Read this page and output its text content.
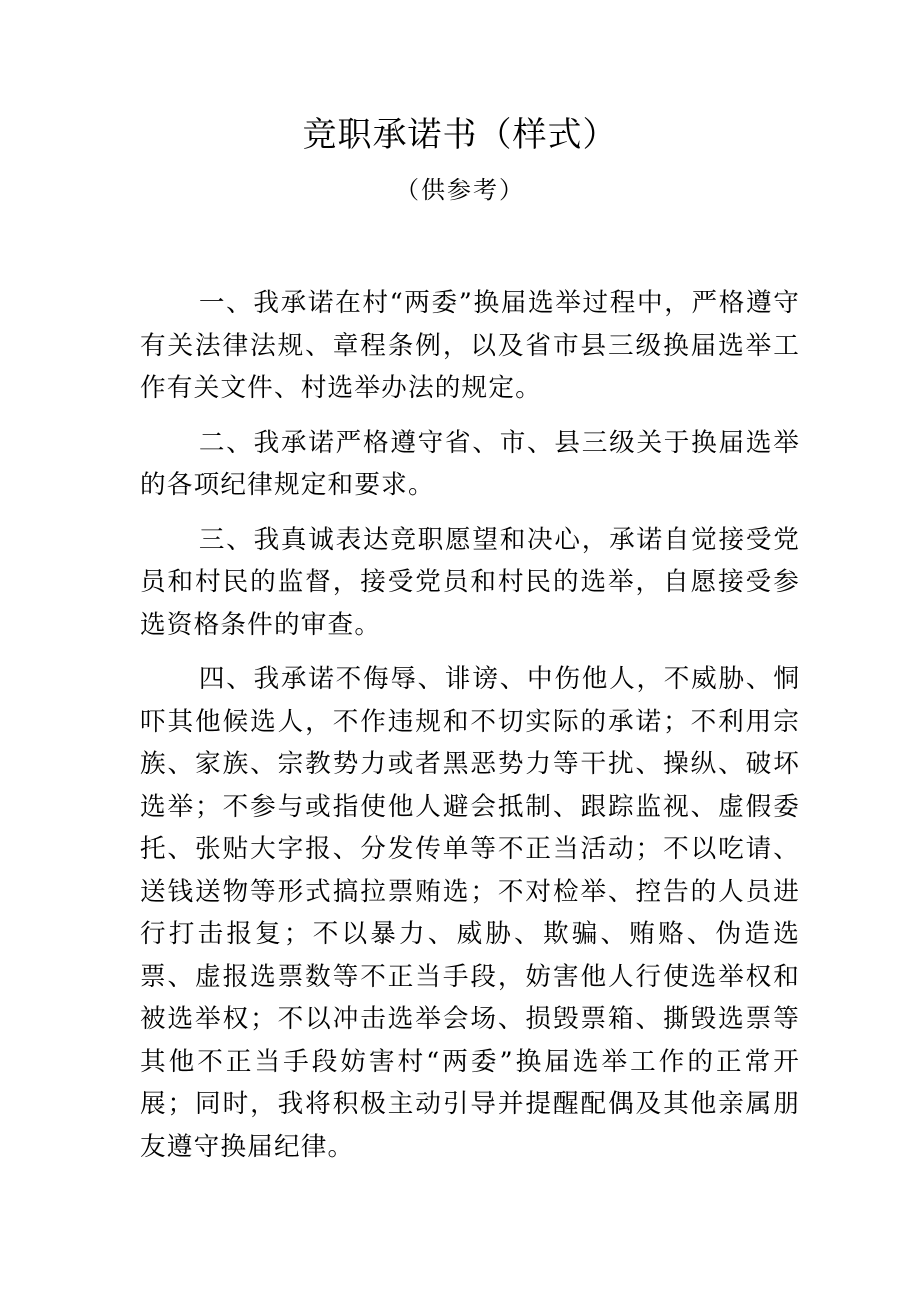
竞职承诺书（样式）
（供参考）

一、我承诺在村“两委”换届选举过程中，严格遵守有关法律法规、章程条例，以及省市县三级换届选举工作有关文件、村选举办法的规定。

二、我承诺严格遵守省、市、县三级关于换届选举的各项纪律规定和要求。

三、我真诚表达竞职愿望和决心，承诺自觉接受党员和村民的监督，接受党员和村民的选举，自愿接受参选资格条件的审查。

四、我承诺不侮辱、诽谤、中伤他人，不威胁、恫吓其他候选人，不作违规和不切实际的承诺；不利用宗族、家族、宗教势力或者黑恶势力等干扰、操纵、破坏选举；不参与或指使他人避会抵制、跟踪监视、虚假委托、张贴大字报、分发传单等不正当活动；不以吃请、送钱送物等形式搞拉票贿选；不对检举、控告的人员进行打击报复；不以暴力、威胁、欺骗、贿赂、伪造选票、虚报选票数等不正当手段，妨害他人行使选举权和被选举权；不以冲击选举会场、损毁票箱、撕毁选票等其他不正当手段妨害村“两委”换届选举工作的正常开展；同时，我将积极主动引导并提醒配偶及其他亲属朋友遵守换届纪律。
